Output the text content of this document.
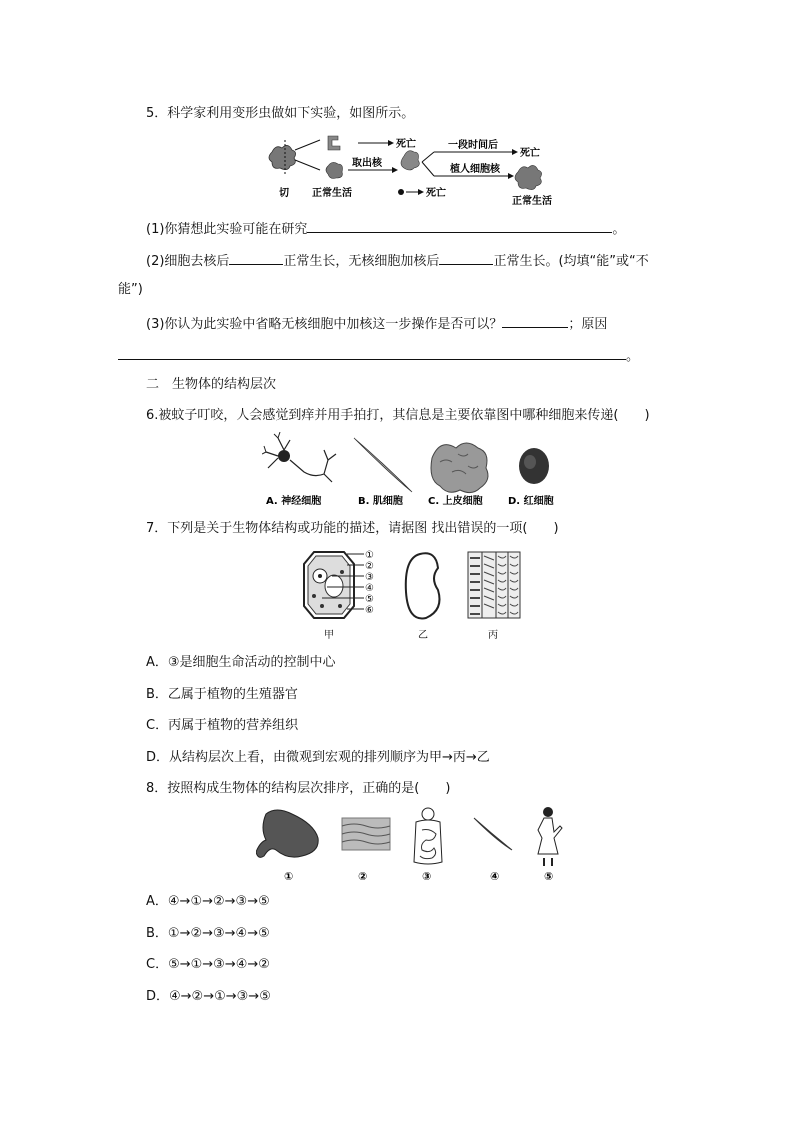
5．科学家利用变形虫做如下实验，如图所示。
切
死亡
正常生活
取出核
死亡
一段时间后
死亡
植人细胞核
正常生活
(1)你猜想此实验可能在研究	。
(2)细胞去核后	正常生长，无核细胞加核后	正常生长。(均填“能”或“不
能”)
(3)你认为此实验中省略无核细胞中加核这一步操作是否可以？	；原因
。
二　生物体的结构层次
6.被蚊子叮咬，人会感觉到痒并用手拍打，其信息是主要依靠图中哪种细胞来传递(　　)
A. 神经细胞	B. 肌细胞	C. 上皮细胞	D. 红细胞
7．下列是关于生物体结构或功能的描述，请据图 找出错误的一项(　　)
①
②
③
④
⑤
⑥
甲	乙	丙
A．③是细胞生命活动的控制中心
B．乙属于植物的生殖器官
C．丙属于植物的营养组织
D．从结构层次上看，由微观到宏观的排列顺序为甲→丙→乙
8．按照构成生物体的结构层次排序，正确的是(　　)
①	②	③	④	⑤
A．④→①→②→③→⑤
B．①→②→③→④→⑤
C．⑤→①→③→④→②
D．④→②→①→③→⑤
